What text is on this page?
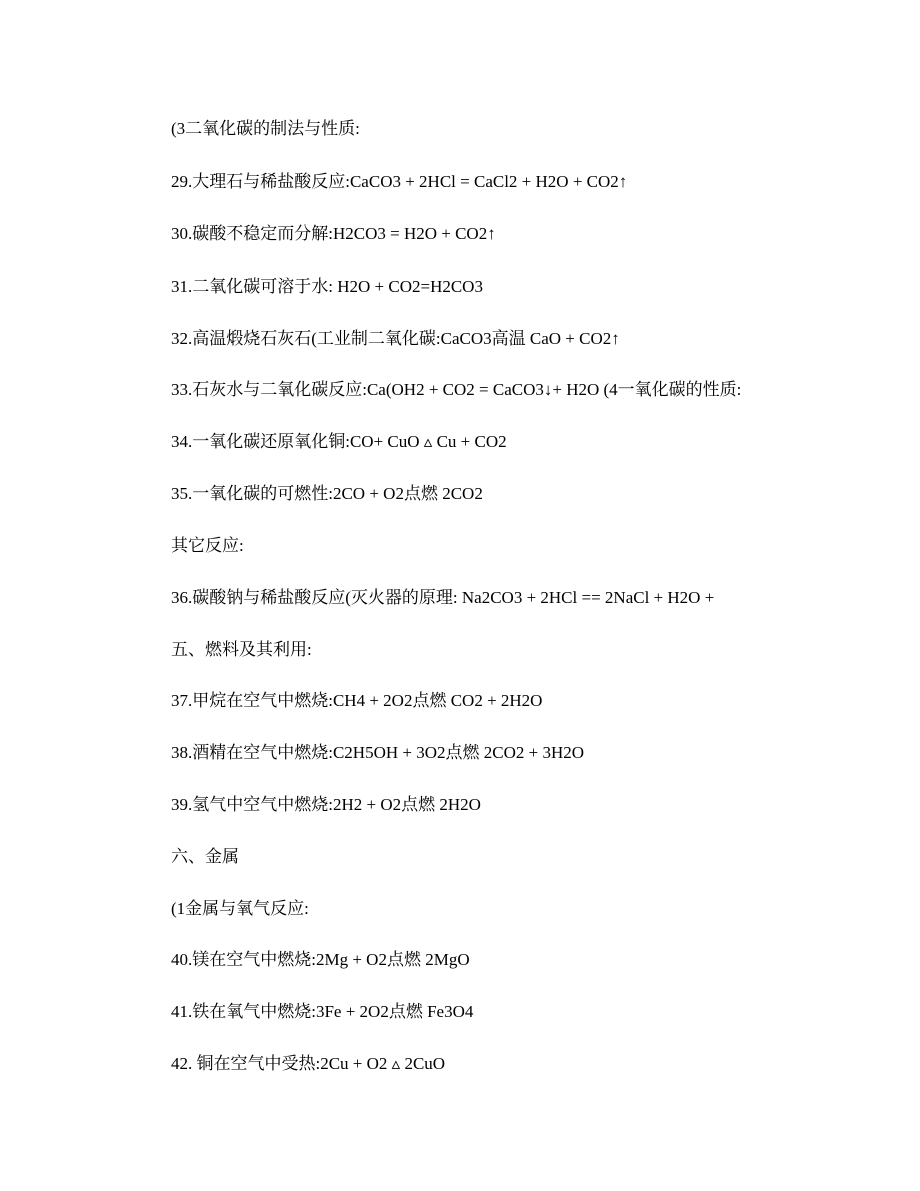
(3二氧化碳的制法与性质:
29.大理石与稀盐酸反应:CaCO3 + 2HCl = CaCl2 + H2O + CO2↑
30.碳酸不稳定而分解:H2CO3 = H2O + CO2↑
31.二氧化碳可溶于水: H2O + CO2=H2CO3
32.高温煅烧石灰石(工业制二氧化碳:CaCO3高温 CaO + CO2↑
33.石灰水与二氧化碳反应:Ca(OH2 + CO2 = CaCO3↓+ H2O (4一氧化碳的性质:
34.一氧化碳还原氧化铜:CO+ CuO ▵ Cu + CO2
35.一氧化碳的可燃性:2CO + O2点燃 2CO2
其它反应:
36.碳酸钠与稀盐酸反应(灭火器的原理: Na2CO3 + 2HCl == 2NaCl + H2O +
五、燃料及其利用:
37.甲烷在空气中燃烧:CH4 + 2O2点燃 CO2 + 2H2O
38.酒精在空气中燃烧:C2H5OH + 3O2点燃 2CO2 + 3H2O
39.氢气中空气中燃烧:2H2 + O2点燃 2H2O
六、金属
(1金属与氧气反应:
40.镁在空气中燃烧:2Mg + O2点燃 2MgO
41.铁在氧气中燃烧:3Fe + 2O2点燃 Fe3O4
42. 铜在空气中受热:2Cu + O2 ▵ 2CuO
